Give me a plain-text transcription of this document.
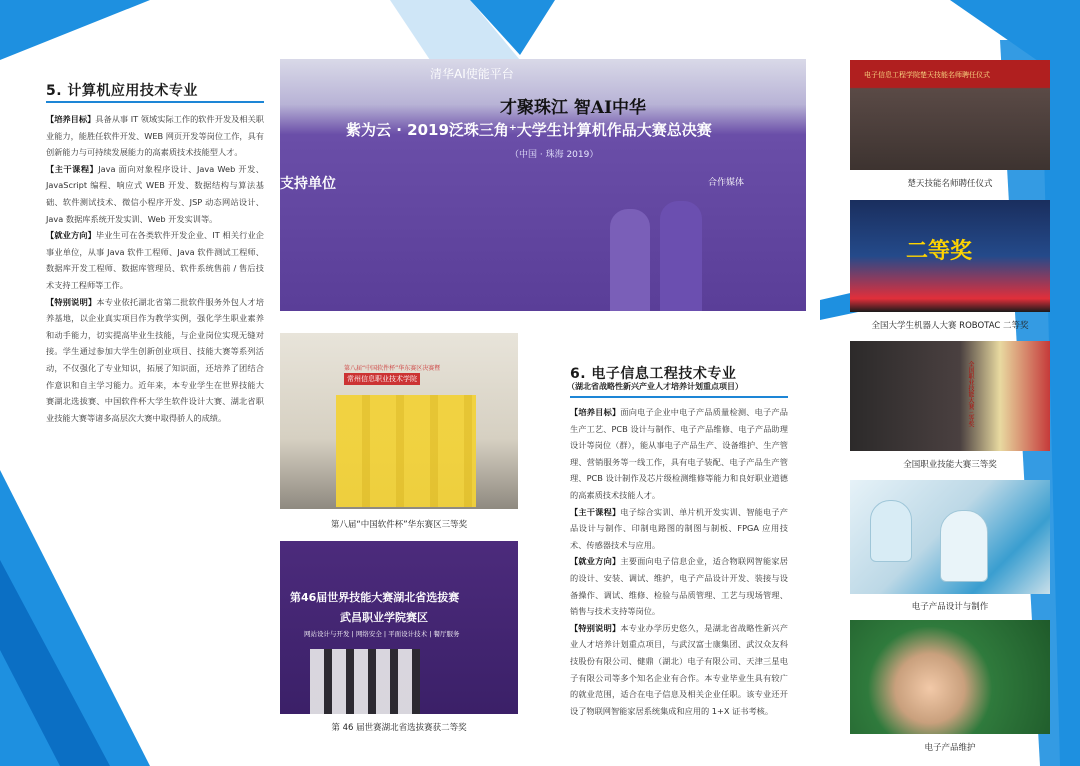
5. 计算机应用技术专业
【培养目标】具备从事 IT 领域实际工作的软件开发及相关职业能力，能胜任软件开发、WEB 网页开发等岗位工作，具有创新能力与可持续发展能力的高素质技术技能型人才。
【主干课程】Java 面向对象程序设计、Java Web 开发、JavaScript 编程、响应式 WEB 开发、数据结构与算法基础、软件测试技术、微信小程序开发、JSP 动态网站设计、Java 数据库系统开发实训、Web 开发实训等。
【就业方向】毕业生可在各类软件开发企业、IT 相关行业企事业单位，从事 Java 软件工程师、Java 软件测试工程师、数据库开发工程师、数据库管理员、软件系统售前 / 售后技术支持工程师等工作。
【特别说明】本专业依托湖北省第二批软件服务外包人才培养基地，以企业真实项目作为教学实例，强化学生职业素养和动手能力，切实提高毕业生技能，与企业岗位实现无缝对接。学生通过参加大学生创新创业项目、技能大赛等系列活动，不仅强化了专业知识，拓展了知识面，还培养了团结合作意识和自主学习能力。近年来，本专业学生在世界技能大赛湖北选拔赛、中国软件杯大学生软件设计大赛、湖北省职业技能大赛等诸多高层次大赛中取得骄人的成绩。
清华AI使能平台
才聚珠江 智AI中华
紫为云 · 2019泛珠三角⁺大学生计算机作品大赛总决赛
（中国 · 珠海 2019）
支持单位	合作媒体
第八届“中国软件杯”华东赛区决赛暨
常州信息职业技术学院
第八届“中国软件杯”华东赛区三等奖
第46届世界技能大赛湖北省选拔赛
武昌职业学院赛区
网站设计与开发 | 网络安全 | 平面设计技术 | 餐厅服务
第 46 届世赛湖北省选拔赛获二等奖
6. 电子信息工程技术专业
（湖北省战略性新兴产业人才培养计划重点项目）
【培养目标】面向电子企业中电子产品质量检测、电子产品生产工艺、PCB 设计与制作、电子产品维修、电子产品助理设计等岗位（群），能从事电子产品生产、设备维护、生产管理、营销服务等一线工作，具有电子装配、电子产品生产管理、PCB 设计制作及芯片级检测维修等能力和良好职业道德的高素质技术技能人才。
【主干课程】电子综合实训、单片机开发实训、智能电子产品设计与制作、印制电路图的制图与制板、FPGA 应用技术、传感器技术与应用。
【就业方向】主要面向电子信息企业，适合物联网智能家居的设计、安装、调试、维护，电子产品设计开发、装接与设备操作、调试、维修、检验与品质管理、工艺与现场管理、销售与技术支持等岗位。
【特别说明】本专业办学历史悠久，是湖北省战略性新兴产业人才培养计划重点项目，与武汉富士康集团、武汉众友科技股份有限公司、健鼎（湖北）电子有限公司、天津三星电子有限公司等多个知名企业有合作。本专业毕业生具有较广的就业范围，适合在电子信息及相关企业任职。该专业还开设了物联网智能家居系统集成和应用的 1+X 证书考核。
电子信息工程学院楚天技能名师聘任仪式
楚天技能名师聘任仪式
二等奖
全国大学生机器人大赛 ROBOTAC 二等奖
全国职业技能大赛三等奖
全国职业技能大赛三等奖
电子产品设计与制作
电子产品维护
